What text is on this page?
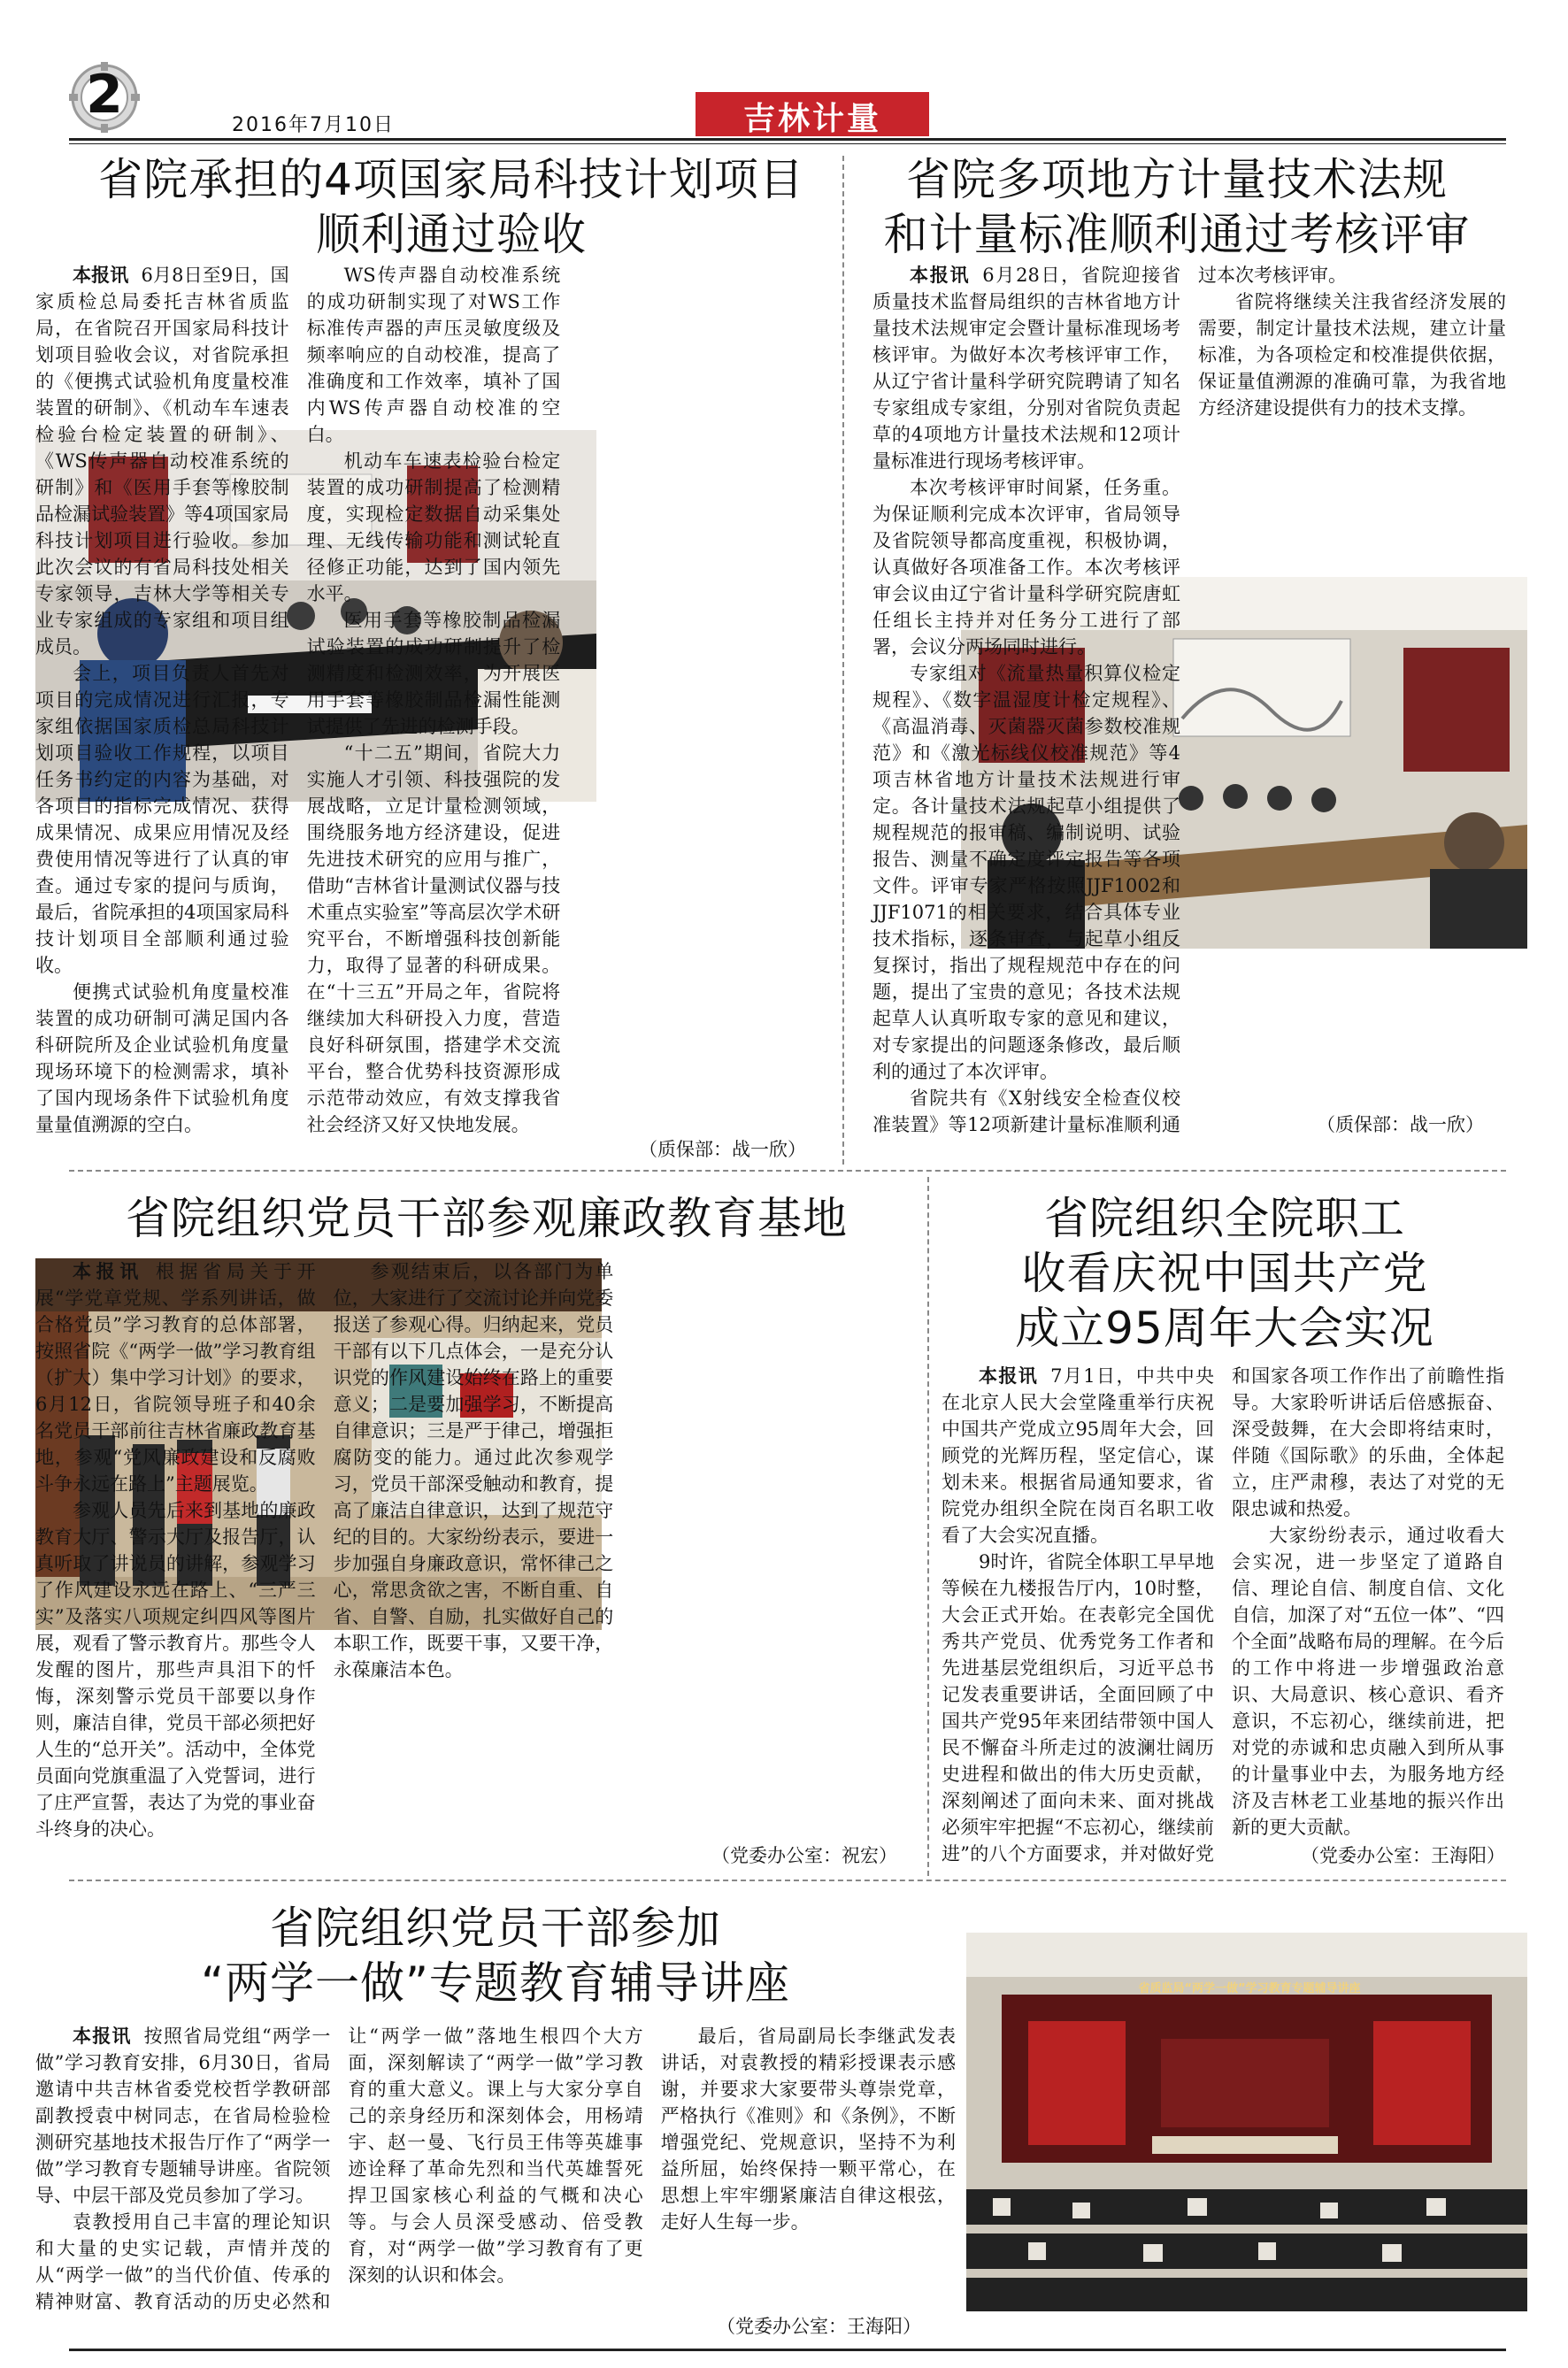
2	2016年7月10日	吉林计量
省院承担的4项国家局科技计划项目
顺利通过验收

本报讯 6月8日至9日，国家质检总局委托吉林省质监局，在省院召开国家局科技计划项目验收会议，对省院承担的《便携式试验机角度量校准装置的研制》、《机动车车速表检验台检定装置的研制》、《WS传声器自动校准系统的研制》和《医用手套等橡胶制品检漏试验装置》等4项国家局科技计划项目进行验收。参加此次会议的有省局科技处相关专家领导，吉林大学等相关专业专家组成的专家组和项目组成员。

会上，项目负责人首先对项目的完成情况进行汇报，专家组依据国家质检总局科技计划项目验收工作规程，以项目任务书约定的内容为基础，对各项目的指标完成情况、获得成果情况、成果应用情况及经费使用情况等进行了认真的审查。通过专家的提问与质询，最后，省院承担的4项国家局科技计划项目全部顺利通过验收。

便携式试验机角度量校准装置的成功研制可满足国内各科研院所及企业试验机角度量现场环境下的检测需求，填补了国内现场条件下试验机角度量量值溯源的空白。

WS传声器自动校准系统的成功研制实现了对WS工作标准传声器的声压灵敏度级及频率响应的自动校准，提高了准确度和工作效率，填补了国内WS传声器自动校准的空白。

机动车车速表检验台检定装置的成功研制提高了检测精度，实现检定数据自动采集处理、无线传输功能和测试轮直径修正功能，达到了国内领先水平。

医用手套等橡胶制品检漏试验装置的成功研制提升了检测精度和检测效率，为开展医用手套等橡胶制品检漏性能测试提供了先进的检测手段。

“十二五”期间，省院大力实施人才引领、科技强院的发展战略，立足计量检测领域，围绕服务地方经济建设，促进先进技术研究的应用与推广，借助“吉林省计量测试仪器与技术重点实验室”等高层次学术研究平台，不断增强科技创新能力，取得了显著的科研成果。在“十三五”开局之年，省院将继续加大科研投入力度，营造良好科研氛围，搭建学术交流平台，整合优势科技资源形成示范带动效应，有效支撑我省社会经济又好又快地发展。

（质保部：战一欣）
省院多项地方计量技术法规
和计量标准顺利通过考核评审

本报讯 6月28日，省院迎接省质量技术监督局组织的吉林省地方计量技术法规审定会暨计量标准现场考核评审。为做好本次考核评审工作，从辽宁省计量科学研究院聘请了知名专家组成专家组，分别对省院负责起草的4项地方计量技术法规和12项计量标准进行现场考核评审。

本次考核评审时间紧，任务重。为保证顺利完成本次评审，省局领导及省院领导都高度重视，积极协调，认真做好各项准备工作。本次考核评审会议由辽宁省计量科学研究院唐虹任组长主持并对任务分工进行了部署，会议分两场同时进行。

专家组对《流量热量积算仪检定规程》、《数字温湿度计检定规程》、《高温消毒、灭菌器灭菌参数校准规范》和《激光标线仪校准规范》等4项吉林省地方计量技术法规进行审定。各计量技术法规起草小组提供了规程规范的报审稿、编制说明、试验报告、测量不确定度评定报告等各项文件。评审专家严格按照JJF1002和JJF1071的相关要求，结合具体专业技术指标，逐条审查，与起草小组反复探讨，指出了规程规范中存在的问题，提出了宝贵的意见；各技术法规起草人认真听取专家的意见和建议，对专家提出的问题逐条修改，最后顺利的通过了本次评审。

省院共有《X射线安全检查仪校准装置》等12项新建计量标准顺利通过本次考核评审。

省院将继续关注我省经济发展的需要，制定计量技术法规，建立计量标准，为各项检定和校准提供依据，保证量值溯源的准确可靠，为我省地方经济建设提供有力的技术支撑。

（质保部：战一欣）
省院组织党员干部参观廉政教育基地

本报讯 根据省局关于开展“学党章党规、学系列讲话，做合格党员”学习教育的总体部署，按照省院《“两学一做”学习教育组（扩大）集中学习计划》的要求，6月12日，省院领导班子和40余名党员干部前往吉林省廉政教育基地，参观“党风廉政建设和反腐败斗争永远在路上”主题展览。

参观人员先后来到基地的廉政教育大厅、警示大厅及报告厅，认真听取了讲说员的讲解，参观学习了作风建设永远在路上、“三严三实”及落实八项规定纠四风等图片展，观看了警示教育片。那些令人发醒的图片，那些声具泪下的忏悔，深刻警示党员干部要以身作则，廉洁自律，党员干部必须把好人生的“总开关”。活动中，全体党员面向党旗重温了入党誓词，进行了庄严宣誓，表达了为党的事业奋斗终身的决心。

参观结束后，以各部门为单位，大家进行了交流讨论并向党委报送了参观心得。归纳起来，党员干部有以下几点体会，一是充分认识党的作风建设始终在路上的重要意义；二是要加强学习，不断提高自律意识；三是严于律己，增强拒腐防变的能力。通过此次参观学习，党员干部深受触动和教育，提高了廉洁自律意识，达到了规范守纪的目的。大家纷纷表示，要进一步加强自身廉政意识，常怀律己之心，常思贪欲之害，不断自重、自省、自警、自励，扎实做好自己的本职工作，既要干事，又要干净，永葆廉洁本色。

（党委办公室：祝宏）
省院组织全院职工
收看庆祝中国共产党
成立95周年大会实况

本报讯 7月1日，中共中央在北京人民大会堂隆重举行庆祝中国共产党成立95周年大会，回顾党的光辉历程，坚定信心，谋划未来。根据省局通知要求，省院党办组织全院在岗百名职工收看了大会实况直播。

9时许，省院全体职工早早地等候在九楼报告厅内，10时整，大会正式开始。在表彰完全国优秀共产党员、优秀党务工作者和先进基层党组织后，习近平总书记发表重要讲话，全面回顾了中国共产党95年来团结带领中国人民不懈奋斗所走过的波澜壮阔历史进程和做出的伟大历史贡献，深刻阐述了面向未来、面对挑战必须牢牢把握“不忘初心，继续前进”的八个方面要求，并对做好党和国家各项工作作出了前瞻性指导。大家聆听讲话后倍感振奋、深受鼓舞，在大会即将结束时，伴随《国际歌》的乐曲，全体起立，庄严肃穆，表达了对党的无限忠诚和热爱。

大家纷纷表示，通过收看大会实况，进一步坚定了道路自信、理论自信、制度自信、文化自信，加深了对“五位一体”、“四个全面”战略布局的理解。在今后的工作中将进一步增强政治意识、大局意识、核心意识、看齐意识，不忘初心，继续前进，把对党的赤诚和忠贞融入到所从事的计量事业中去，为服务地方经济及吉林老工业基地的振兴作出新的更大贡献。

（党委办公室：王海阳）
省院组织党员干部参加
“两学一做”专题教育辅导讲座

本报讯 按照省局党组“两学一做”学习教育安排，6月30日，省局邀请中共吉林省委党校哲学教研部副教授袁中树同志，在省局检验检测研究基地技术报告厅作了“两学一做”学习教育专题辅导讲座。省院领导、中层干部及党员参加了学习。

袁教授用自己丰富的理论知识和大量的史实记载，声情并茂的从“两学一做”的当代价值、传承的精神财富、教育活动的历史必然和让“两学一做”落地生根四个大方面，深刻解读了“两学一做”学习教育的重大意义。课上与大家分享自己的亲身经历和深刻体会，用杨靖宇、赵一曼、飞行员王伟等英雄事迹诠释了革命先烈和当代英雄誓死捍卫国家核心利益的气概和决心等。与会人员深受感动、倍受教育，对“两学一做”学习教育有了更深刻的认识和体会。

最后，省局副局长李继武发表讲话，对袁教授的精彩授课表示感谢，并要求大家要带头尊崇党章，严格执行《准则》和《条例》，不断增强党纪、党规意识，坚持不为利益所屈，始终保持一颗平常心，在思想上牢牢绷紧廉洁自律这根弦，走好人生每一步。

（党委办公室：王海阳）
省质监局“两学一做”学习教育专题辅导讲座
